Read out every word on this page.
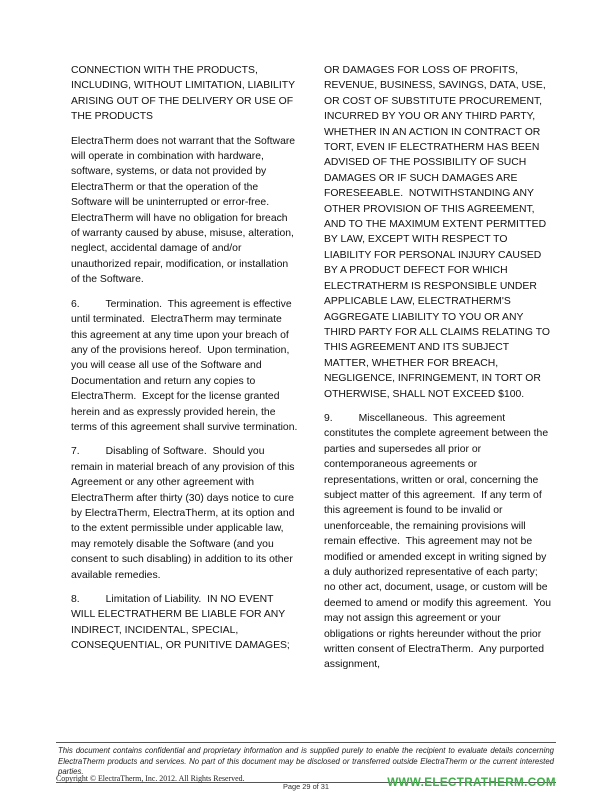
CONNECTION WITH THE PRODUCTS, INCLUDING, WITHOUT LIMITATION, LIABILITY ARISING OUT OF THE DELIVERY OR USE OF THE PRODUCTS

ElectraTherm does not warrant that the Software will operate in combination with hardware, software, systems, or data not provided by ElectraTherm or that the operation of the Software will be uninterrupted or error-free.  ElectraTherm will have no obligation for breach of warranty caused by abuse, misuse, alteration, neglect, accidental damage of and/or unauthorized repair, modification, or installation of the Software.

6.         Termination.  This agreement is effective until terminated.  ElectraTherm may terminate this agreement at any time upon your breach of any of the provisions hereof.  Upon termination, you will cease all use of the Software and Documentation and return any copies to ElectraTherm.  Except for the license granted herein and as expressly provided herein, the terms of this agreement shall survive termination.

7.         Disabling of Software.  Should you remain in material breach of any provision of this Agreement or any other agreement with ElectraTherm after thirty (30) days notice to cure by ElectraTherm, ElectraTherm, at its option and to the extent permissible under applicable law, may remotely disable the Software (and you consent to such disabling) in addition to its other available remedies.

8.         Limitation of Liability.  IN NO EVENT WILL ELECTRATHERM BE LIABLE FOR ANY INDIRECT, INCIDENTAL, SPECIAL, CONSEQUENTIAL, OR PUNITIVE DAMAGES;

OR DAMAGES FOR LOSS OF PROFITS, REVENUE, BUSINESS, SAVINGS, DATA, USE, OR COST OF SUBSTITUTE PROCUREMENT, INCURRED BY YOU OR ANY THIRD PARTY, WHETHER IN AN ACTION IN CONTRACT OR TORT, EVEN IF ELECTRATHERM HAS BEEN ADVISED OF THE POSSIBILITY OF SUCH DAMAGES OR IF SUCH DAMAGES ARE FORESEEABLE.  NOTWITHSTANDING ANY OTHER PROVISION OF THIS AGREEMENT, AND TO THE MAXIMUM EXTENT PERMITTED BY LAW, EXCEPT WITH RESPECT TO LIABILITY FOR PERSONAL INJURY CAUSED BY A PRODUCT DEFECT FOR WHICH ELECTRATHERM IS RESPONSIBLE UNDER APPLICABLE LAW, ELECTRATHERM'S AGGREGATE LIABILITY TO YOU OR ANY THIRD PARTY FOR ALL CLAIMS RELATING TO THIS AGREEMENT AND ITS SUBJECT MATTER, WHETHER FOR BREACH, NEGLIGENCE, INFRINGEMENT, IN TORT OR OTHERWISE, SHALL NOT EXCEED $100.

9.         Miscellaneous.  This agreement constitutes the complete agreement between the parties and supersedes all prior or contemporaneous agreements or representations, written or oral, concerning the subject matter of this agreement.  If any term of this agreement is found to be invalid or unenforceable, the remaining provisions will remain effective.  This agreement may not be modified or amended except in writing signed by a duly authorized representative of each party; no other act, document, usage, or custom will be deemed to amend or modify this agreement.  You may not assign this agreement or your obligations or rights hereunder without the prior written consent of ElectraTherm.  Any purported assignment,

This document contains confidential and proprietary information and is supplied purely to enable the recipient to evaluate details concerning ElectraTherm products and services. No part of this document may be disclosed or transferred outside ElectraTherm or the current interested parties.
Copyright © ElectraTherm, Inc. 2012. All Rights Reserved.
Page 29 of 31	WWW.ELECTRATHERM.COM
